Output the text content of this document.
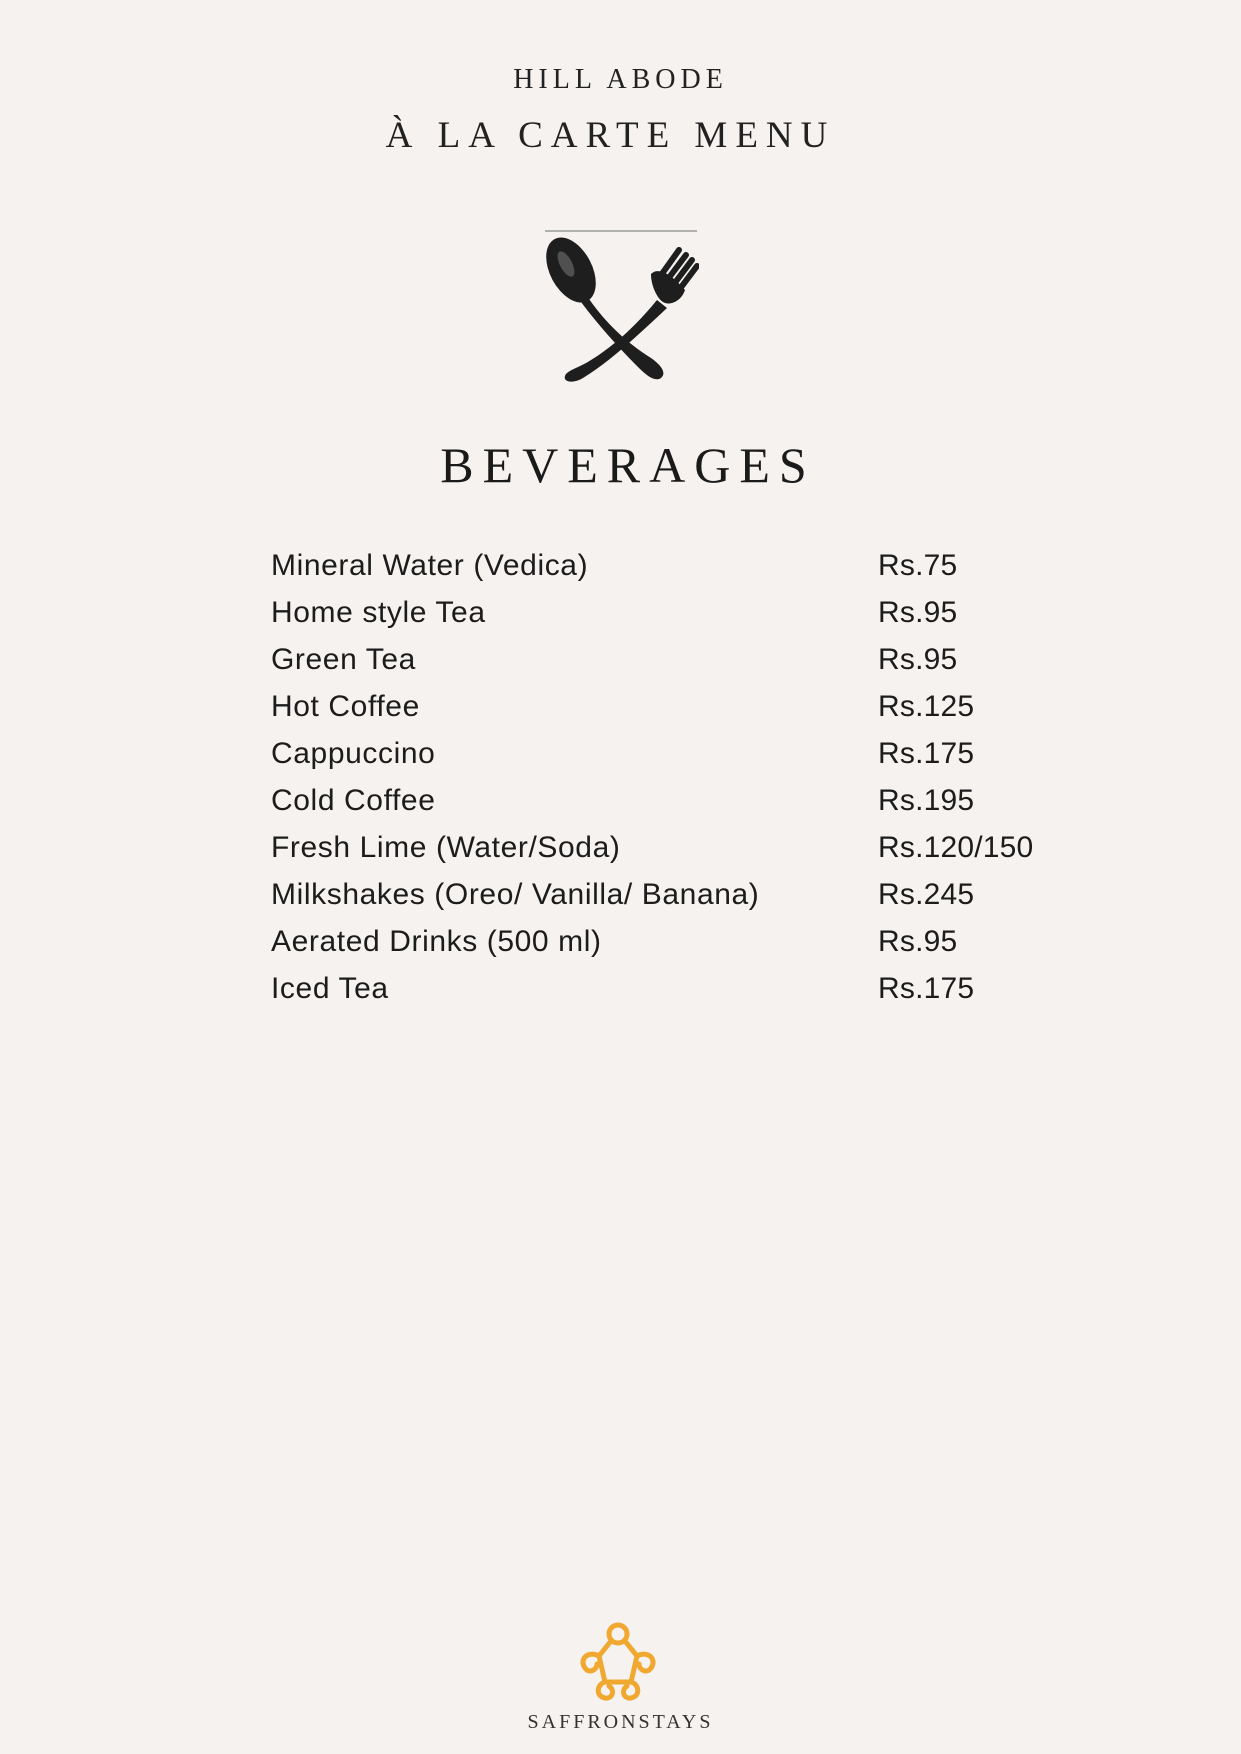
HILL ABODE
À LA CARTE MENU
BEVERAGES
Mineral Water (Vedica)	Rs.75
Home style Tea	Rs.95
Green Tea	Rs.95
Hot Coffee	Rs.125
Cappuccino	Rs.175
Cold Coffee	Rs.195
Fresh Lime (Water/Soda)	Rs.120/150
Milkshakes (Oreo/ Vanilla/ Banana)	Rs.245
Aerated Drinks (500 ml)	Rs.95
Iced Tea	Rs.175
SAFFRONSTAYS
